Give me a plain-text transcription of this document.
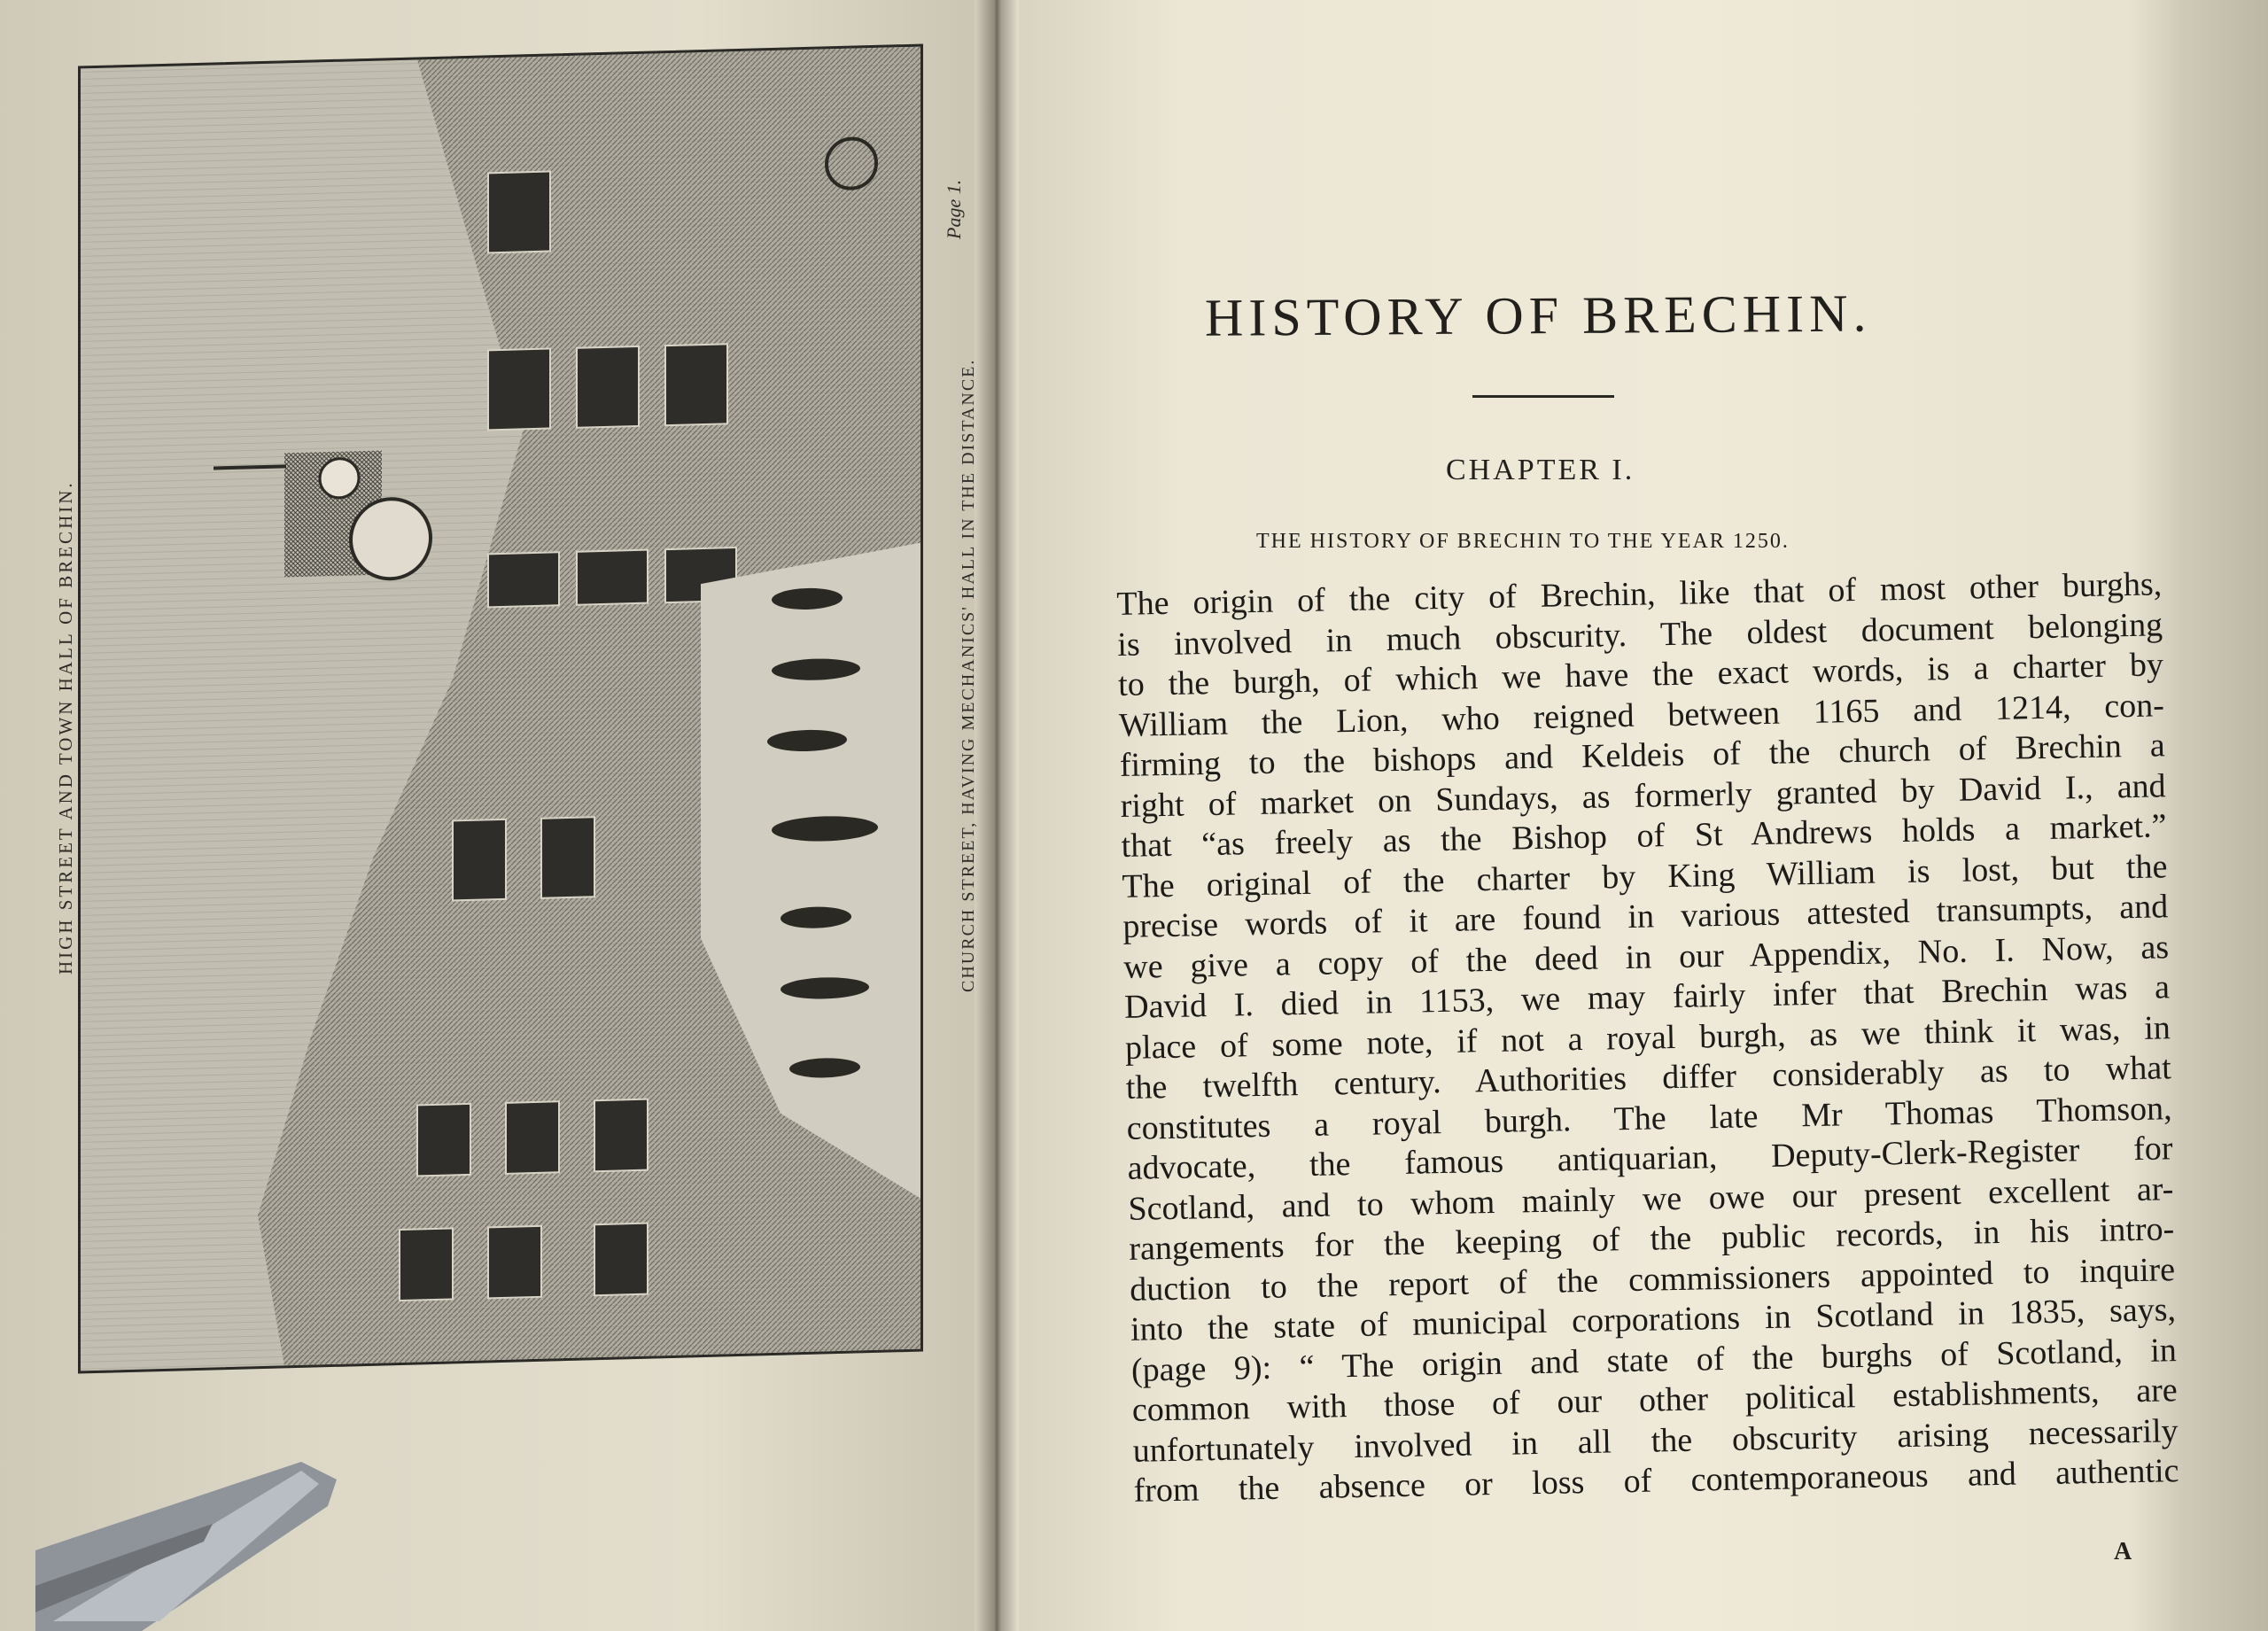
HIGH STREET AND TOWN HALL OF BRECHIN.	CHURCH STREET, HAVING MECHANICS' HALL IN THE DISTANCE.
Page 1.
HISTORY OF BRECHIN.
CHAPTER I.
THE HISTORY OF BRECHIN TO THE YEAR 1250.
The origin of the city of Brechin, like that of most other burghs,
is involved in much obscurity. The oldest document belonging
to the burgh, of which we have the exact words, is a charter by
William the Lion, who reigned between 1165 and 1214, con-
firming to the bishops and Keldeis of the church of Brechin a
right of market on Sundays, as formerly granted by David I., and
that “as freely as the Bishop of St Andrews holds a market.”
The original of the charter by King William is lost, but the
precise words of it are found in various attested transumpts, and
we give a copy of the deed in our Appendix, No. I. Now, as
David I. died in 1153, we may fairly infer that Brechin was a
place of some note, if not a royal burgh, as we think it was, in
the twelfth century. Authorities differ considerably as to what
constitutes a royal burgh. The late Mr Thomas Thomson,
advocate, the famous antiquarian, Deputy-Clerk-Register for
Scotland, and to whom mainly we owe our present excellent ar-
rangements for the keeping of the public records, in his intro-
duction to the report of the commissioners appointed to inquire
into the state of municipal corporations in Scotland in 1835, says,
(page 9): “ The origin and state of the burghs of Scotland, in
common with those of our other political establishments, are
unfortunately involved in all the obscurity arising necessarily
from the absence or loss of contemporaneous and authentic
A
